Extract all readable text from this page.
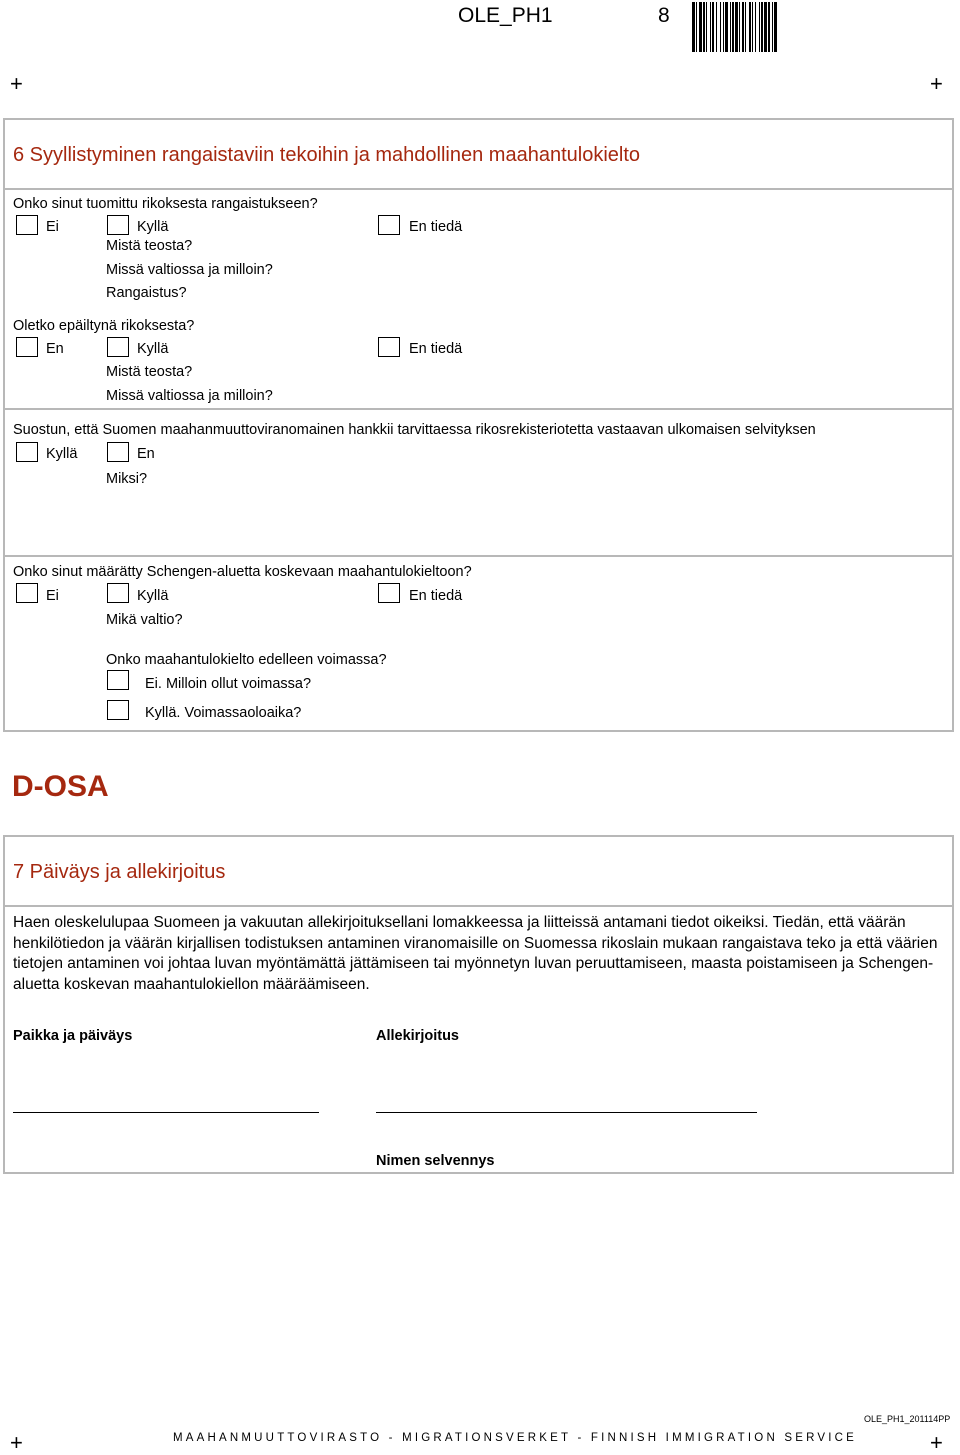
OLE_PH1	8
+	+
6 Syyllistyminen rangaistaviin tekoihin ja mahdollinen maahantulokielto
Onko sinut tuomittu rikoksesta rangaistukseen?
Ei	Kyllä	En tiedä
Mistä teosta?
Missä valtiossa ja milloin?
Rangaistus?
Oletko epäiltynä rikoksesta?
En	Kyllä	En tiedä
Mistä teosta?
Missä valtiossa ja milloin?
Suostun, että Suomen maahanmuuttoviranomainen hankkii tarvittaessa rikosrekisteriotetta vastaavan ulkomaisen selvityksen
Kyllä	En
Miksi?
Onko sinut määrätty Schengen-aluetta koskevaan maahantulokieltoon?
Ei	Kyllä	En tiedä
Mikä valtio?
Onko maahantulokielto edelleen voimassa?
Ei. Milloin ollut voimassa?
Kyllä. Voimassaoloaika?
D-OSA
7 Päiväys ja allekirjoitus
Haen oleskelulupaa Suomeen ja vakuutan allekirjoituksellani lomakkeessa ja liitteissä antamani tiedot oikeiksi. Tiedän, että väärän henkilötiedon ja väärän kirjallisen todistuksen antaminen viranomaisille on Suomessa rikoslain mukaan rangaistava teko ja että väärien tietojen antaminen voi johtaa luvan myöntämättä jättämiseen tai myönnetyn luvan peruuttamiseen, maasta poistamiseen ja Schengen-aluetta koskevan maahantulokiellon määräämiseen.
Paikka ja päiväys	Allekirjoitus
Nimen selvennys
OLE_PH1_201114PP
MAAHANMUUTTOVIRASTO - MIGRATIONSVERKET - FINNISH IMMIGRATION SERVICE
+	+
